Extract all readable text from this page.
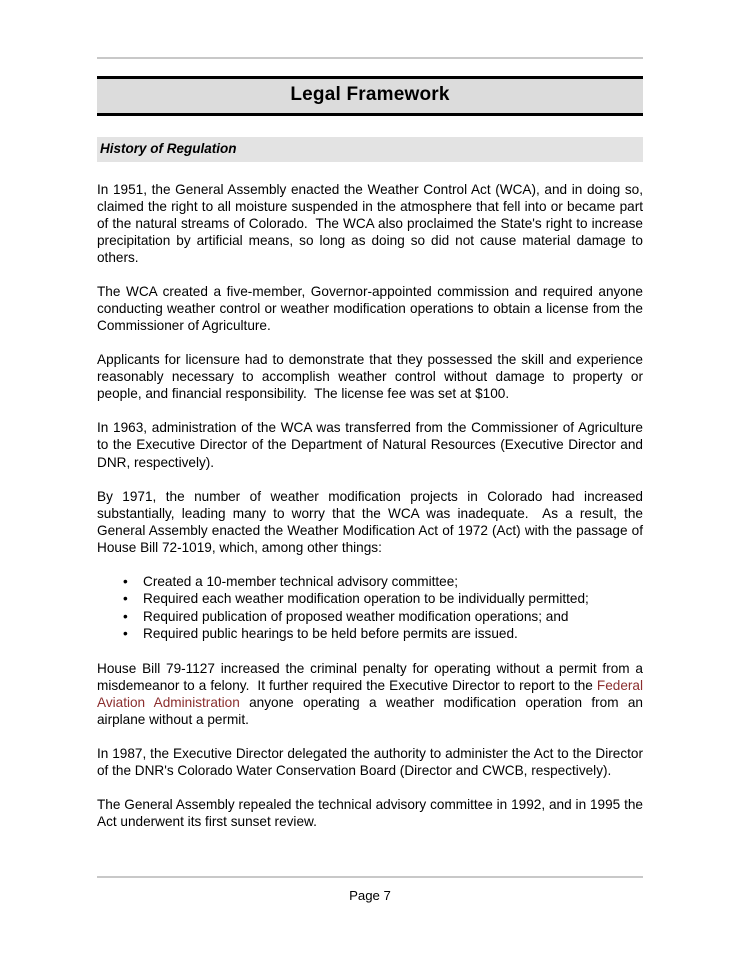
Legal Framework
History of Regulation

In 1951, the General Assembly enacted the Weather Control Act (WCA), and in doing so, claimed the right to all moisture suspended in the atmosphere that fell into or became part of the natural streams of Colorado.  The WCA also proclaimed the State's right to increase precipitation by artificial means, so long as doing so did not cause material damage to others.

The WCA created a five-member, Governor-appointed commission and required anyone conducting weather control or weather modification operations to obtain a license from the Commissioner of Agriculture.

Applicants for licensure had to demonstrate that they possessed the skill and experience reasonably necessary to accomplish weather control without damage to property or people, and financial responsibility.  The license fee was set at $100.

In 1963, administration of the WCA was transferred from the Commissioner of Agriculture to the Executive Director of the Department of Natural Resources (Executive Director and DNR, respectively).

By 1971, the number of weather modification projects in Colorado had increased substantially, leading many to worry that the WCA was inadequate.  As a result, the General Assembly enacted the Weather Modification Act of 1972 (Act) with the passage of House Bill 72-1019, which, among other things:

• Created a 10-member technical advisory committee;
• Required each weather modification operation to be individually permitted;
• Required publication of proposed weather modification operations; and
• Required public hearings to be held before permits are issued.

House Bill 79-1127 increased the criminal penalty for operating without a permit from a misdemeanor to a felony.  It further required the Executive Director to report to the Federal Aviation Administration anyone operating a weather modification operation from an airplane without a permit.

In 1987, the Executive Director delegated the authority to administer the Act to the Director of the DNR's Colorado Water Conservation Board (Director and CWCB, respectively).

The General Assembly repealed the technical advisory committee in 1992, and in 1995 the Act underwent its first sunset review.

Page 7
